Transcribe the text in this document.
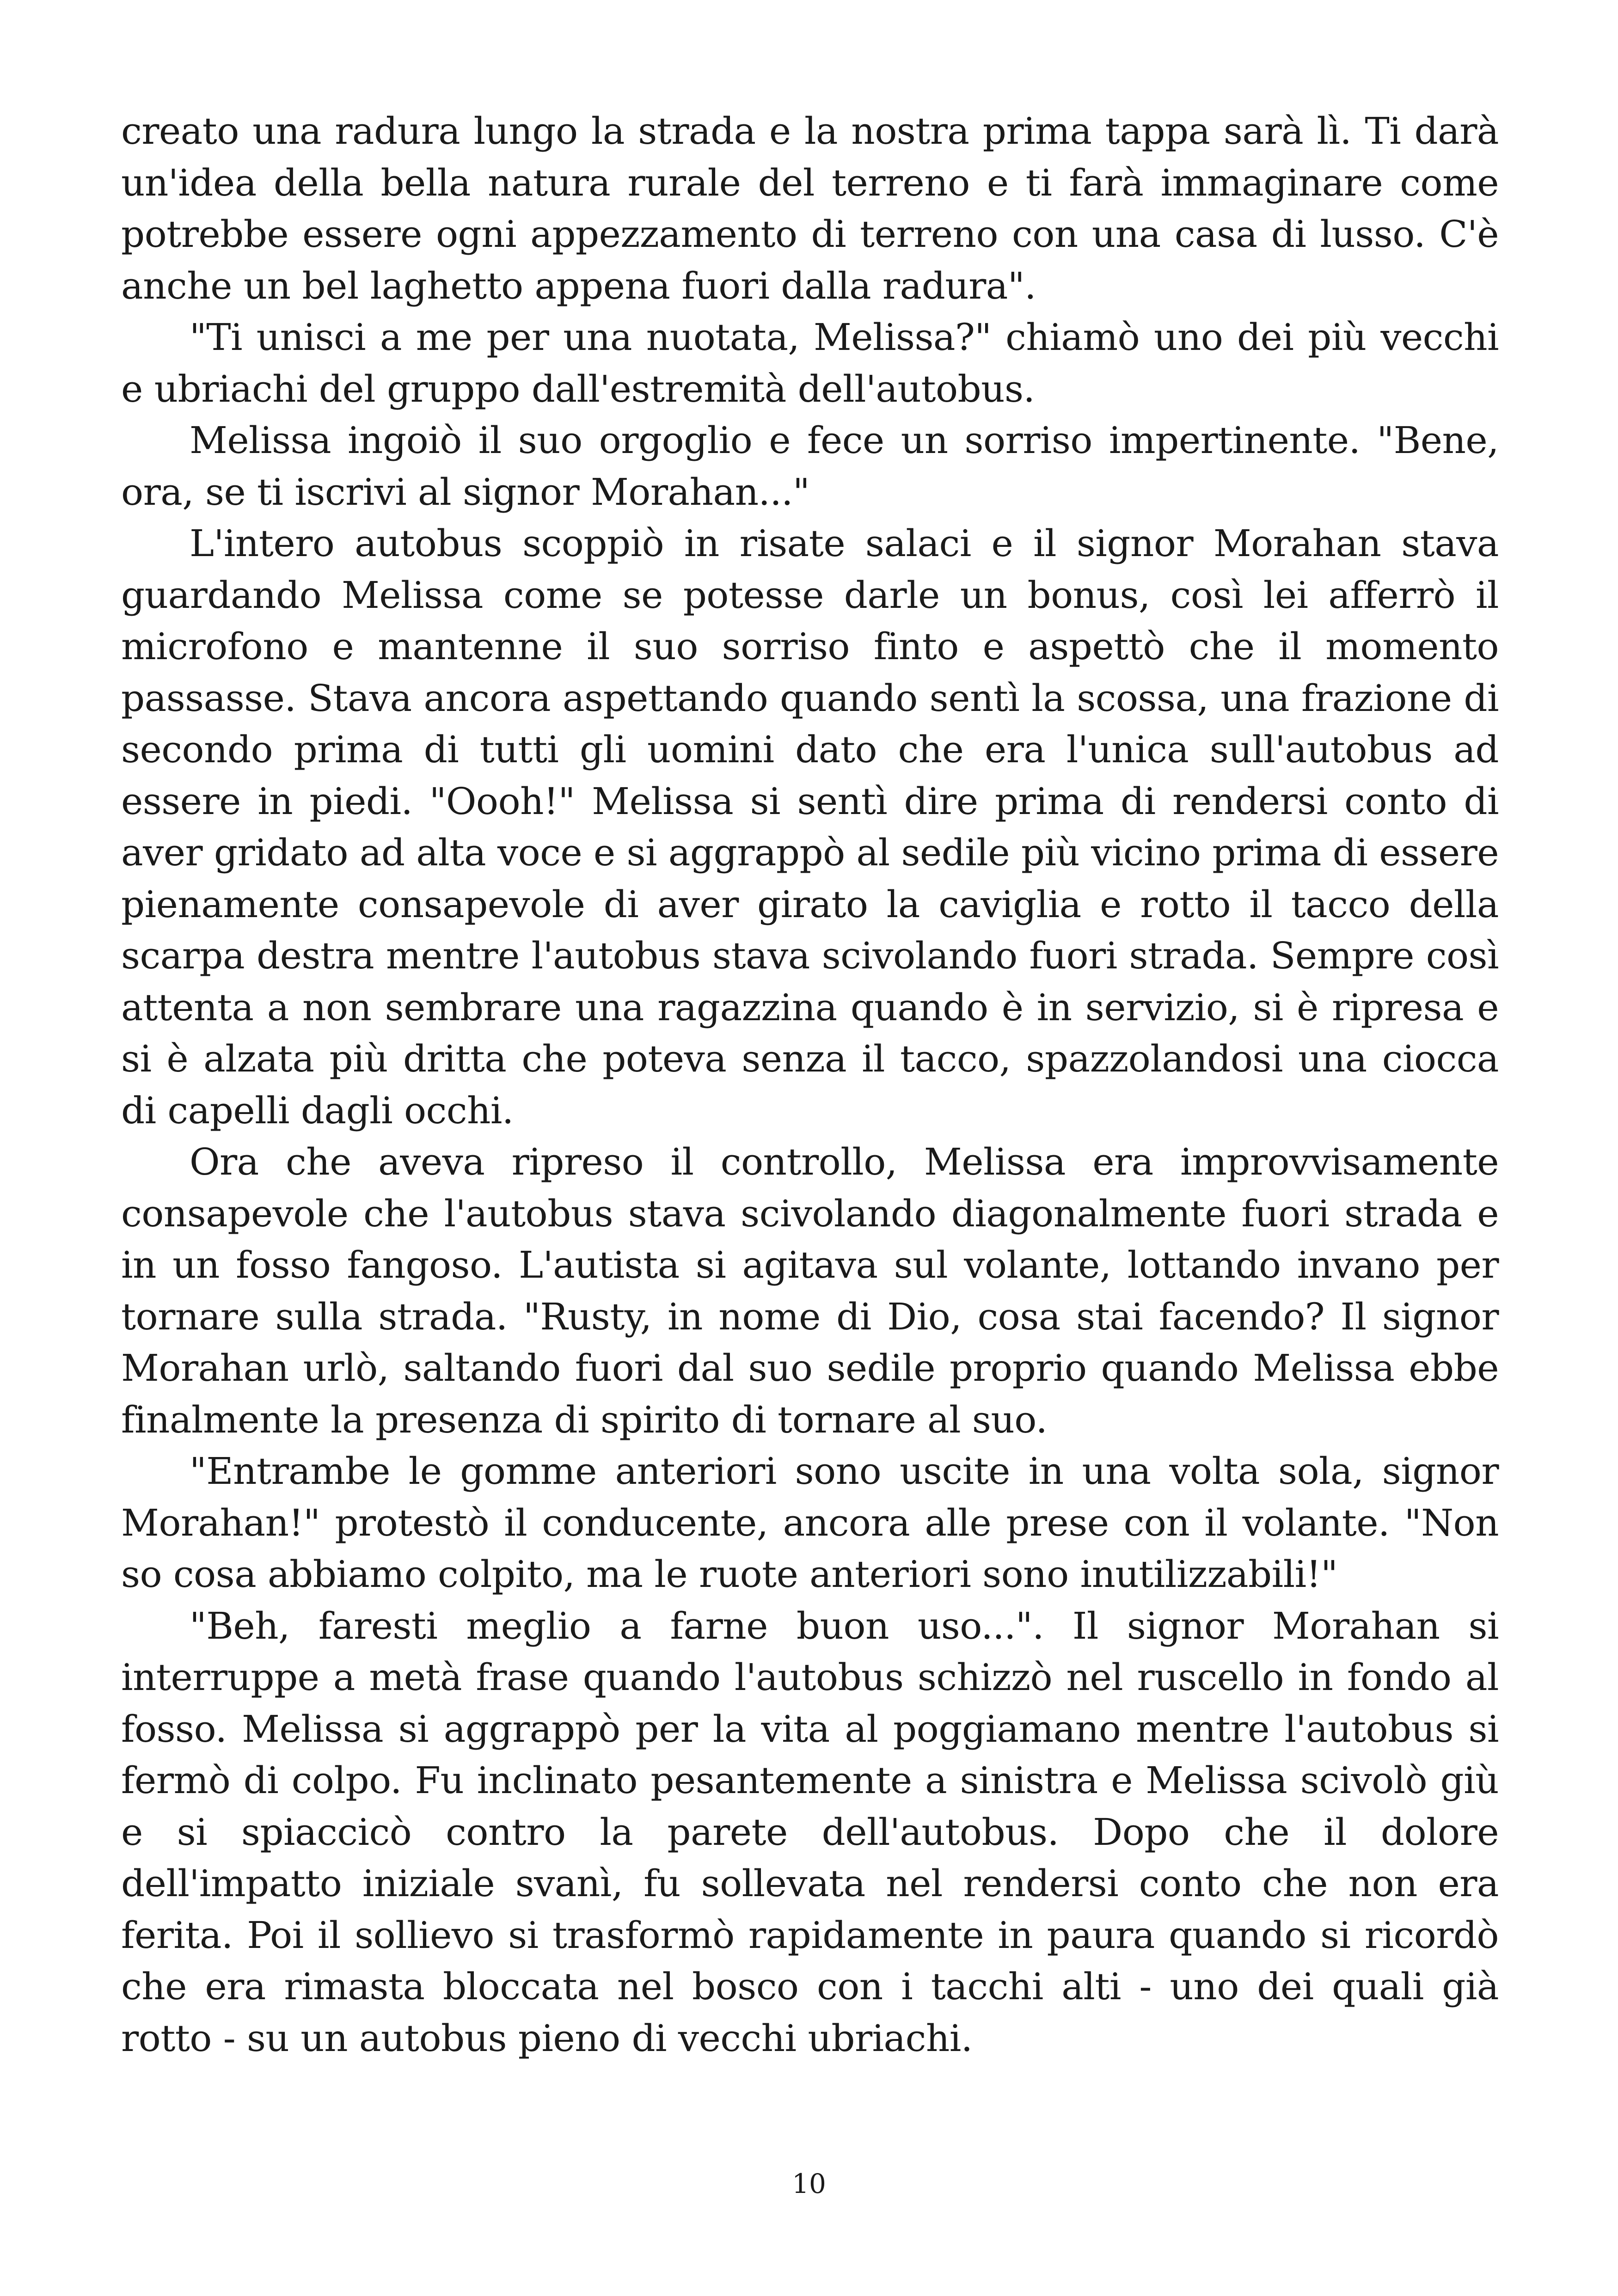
creato una radura lungo la strada e la nostra prima tappa sarà lì. Ti darà un'idea della bella natura rurale del terreno e ti farà immaginare come potrebbe essere ogni appezzamento di terreno con una casa di lusso. C'è anche un bel laghetto appena fuori dalla radura".

"Ti unisci a me per una nuotata, Melissa?" chiamò uno dei più vecchi e ubriachi del gruppo dall'estremità dell'autobus.

Melissa ingoiò il suo orgoglio e fece un sorriso impertinente. "Bene, ora, se ti iscrivi al signor Morahan..."

L'intero autobus scoppiò in risate salaci e il signor Morahan stava guardando Melissa come se potesse darle un bonus, così lei afferrò il microfono e mantenne il suo sorriso finto e aspettò che il momento passasse. Stava ancora aspettando quando sentì la scossa, una frazione di secondo prima di tutti gli uomini dato che era l'unica sull'autobus ad essere in piedi. "Oooh!" Melissa si sentì dire prima di rendersi conto di aver gridato ad alta voce e si aggrappò al sedile più vicino prima di essere pienamente consapevole di aver girato la caviglia e rotto il tacco della scarpa destra mentre l'autobus stava scivolando fuori strada. Sempre così attenta a non sembrare una ragazzina quando è in servizio, si è ripresa e si è alzata più dritta che poteva senza il tacco, spazzolandosi una ciocca di capelli dagli occhi.

Ora che aveva ripreso il controllo, Melissa era improvvisamente consapevole che l'autobus stava scivolando diagonalmente fuori strada e in un fosso fangoso. L'autista si agitava sul volante, lottando invano per tornare sulla strada. "Rusty, in nome di Dio, cosa stai facendo? Il signor Morahan urlò, saltando fuori dal suo sedile proprio quando Melissa ebbe finalmente la presenza di spirito di tornare al suo.

"Entrambe le gomme anteriori sono uscite in una volta sola, signor Morahan!" protestò il conducente, ancora alle prese con il volante. "Non so cosa abbiamo colpito, ma le ruote anteriori sono inutilizzabili!"

"Beh, faresti meglio a farne buon uso...". Il signor Morahan si interruppe a metà frase quando l'autobus schizzò nel ruscello in fondo al fosso. Melissa si aggrappò per la vita al poggiamano mentre l'autobus si fermò di colpo. Fu inclinato pesantemente a sinistra e Melissa scivolò giù e si spiaccicò contro la parete dell'autobus. Dopo che il dolore dell'impatto iniziale svanì, fu sollevata nel rendersi conto che non era ferita. Poi il sollievo si trasformò rapidamente in paura quando si ricordò che era rimasta bloccata nel bosco con i tacchi alti - uno dei quali già rotto - su un autobus pieno di vecchi ubriachi.

10
